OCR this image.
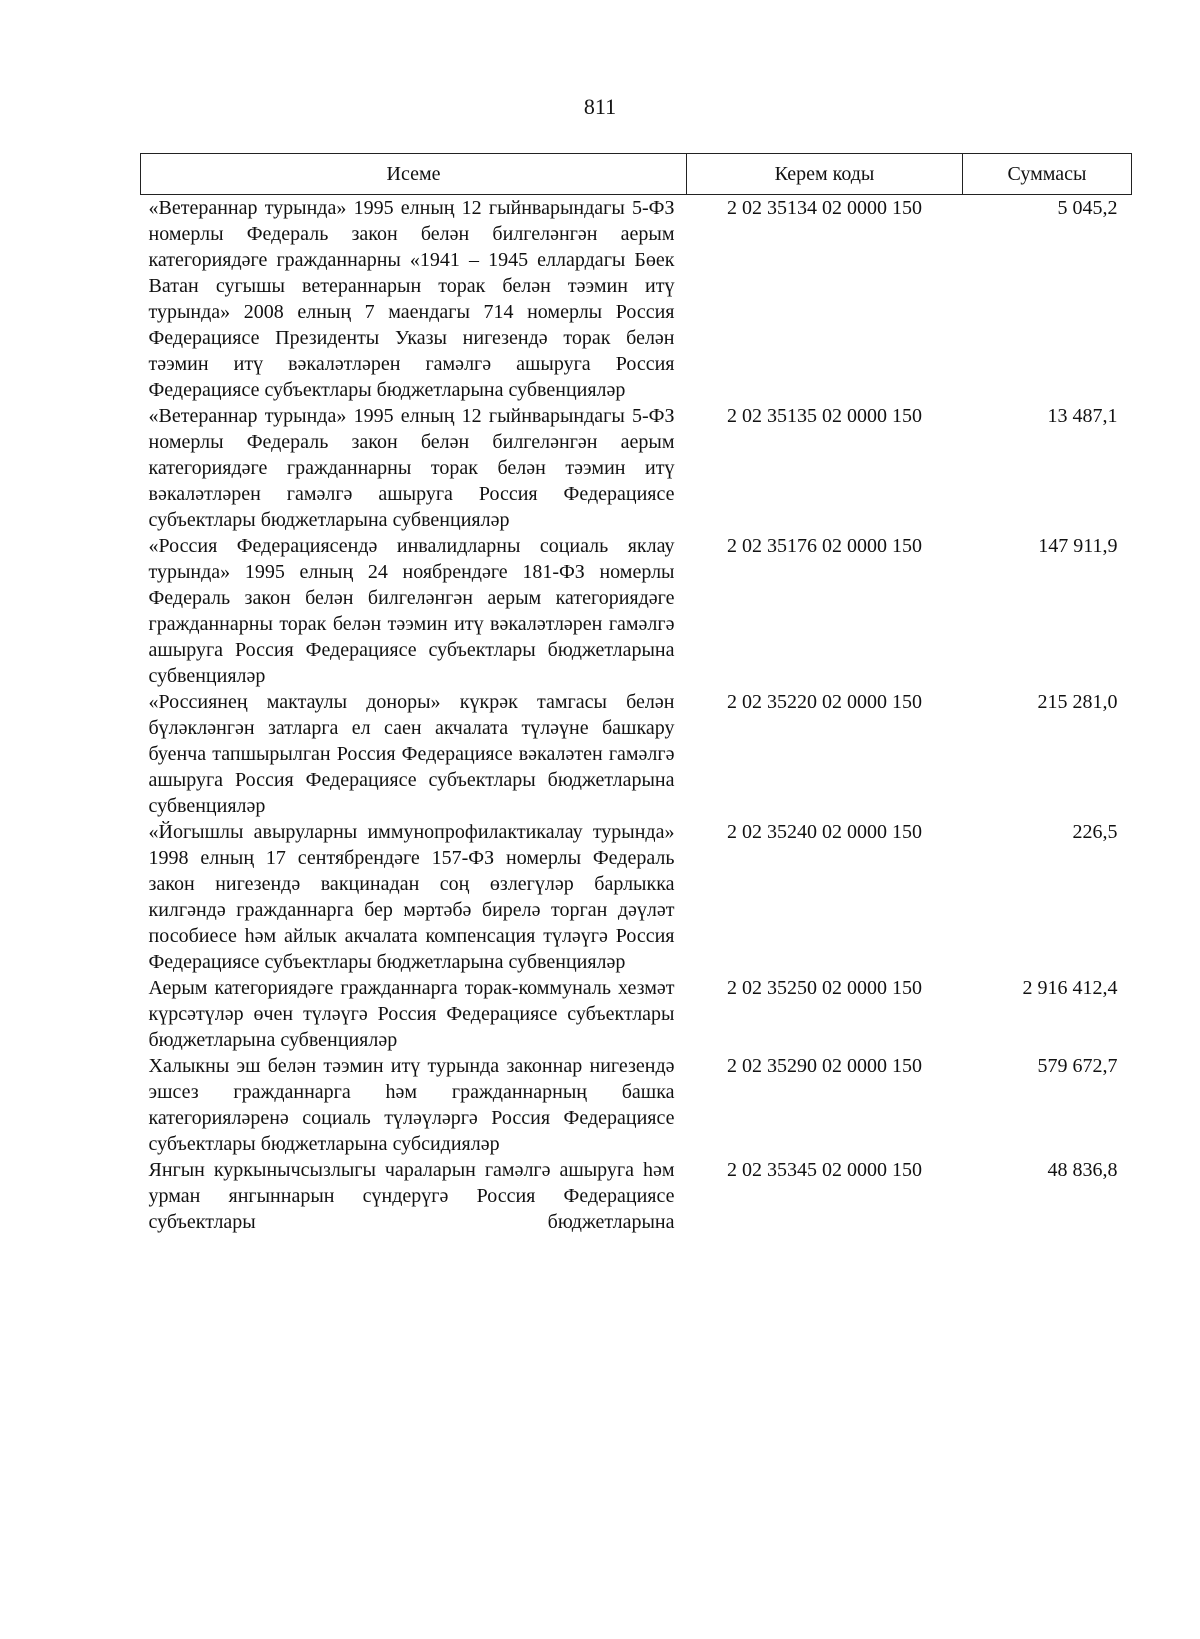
811
Исеме	Керем коды	Суммасы
«Ветераннар турында» 1995 елның 12 гыйнварындагы 5-ФЗ номерлы Федераль закон белән билгеләнгән аерым категориядәге гражданнарны «1941 – 1945 еллардагы Бөек Ватан сугышы ветераннарын торак белән тәэмин итү турында» 2008 елның 7 маендагы 714 номерлы Россия Федерациясе Президенты Указы нигезендә торак белән тәэмин итү вәкаләтләрен гамәлгә ашыруга Россия Федерациясе субъектлары бюджетларына субвенцияләр	2 02 35134 02 0000 150	5 045,2
«Ветераннар турында» 1995 елның 12 гыйнварындагы 5-ФЗ номерлы Федераль закон белән билгеләнгән аерым категориядәге гражданнарны торак белән тәэмин итү вәкаләтләрен гамәлгә ашыруга Россия Федерациясе субъектлары бюджетларына субвенцияләр	2 02 35135 02 0000 150	13 487,1
«Россия Федерациясендә инвалидларны социаль яклау турында» 1995 елның 24 ноябрендәге 181-ФЗ номерлы Федераль закон белән билгеләнгән аерым категориядәге гражданнарны торак белән тәэмин итү вәкаләтләрен гамәлгә ашыруга Россия Федерациясе субъектлары бюджетларына субвенцияләр	2 02 35176 02 0000 150	147 911,9
«Россиянең мактаулы доноры» күкрәк тамгасы белән бүләкләнгән затларга ел саен акчалата түләүне башкару буенча тапшырылган Россия Федерациясе вәкаләтен гамәлгә ашыруга Россия Федерациясе субъектлары бюджетларына субвенцияләр	2 02 35220 02 0000 150	215 281,0
«Йогышлы авыруларны иммунопрофилактикалау турында» 1998 елның 17 сентябрендәге 157-ФЗ номерлы Федераль закон нигезендә вакцинадан соң өзлегүләр барлыкка килгәндә гражданнарга бер мәртәбә бирелә торган дәүләт пособиесе һәм айлык акчалата компенсация түләүгә Россия Федерациясе субъектлары бюджетларына субвенцияләр	2 02 35240 02 0000 150	226,5
Аерым категориядәге гражданнарга торак-коммуналь хезмәт күрсәтүләр өчен түләүгә Россия Федерациясе субъектлары бюджетларына субвенцияләр	2 02 35250 02 0000 150	2 916 412,4
Халыкны эш белән тәэмин итү турында законнар нигезендә эшсез гражданнарга һәм гражданнарның башка категорияләренә социаль түләүләргә Россия Федерациясе субъектлары бюджетларына субсидияләр	2 02 35290 02 0000 150	579 672,7
Янгын куркынычсызлыгы чараларын гамәлгә ашыруга һәм урман янгыннарын сүндерүгә Россия Федерациясе субъектлары бюджетларына	2 02 35345 02 0000 150	48 836,8
